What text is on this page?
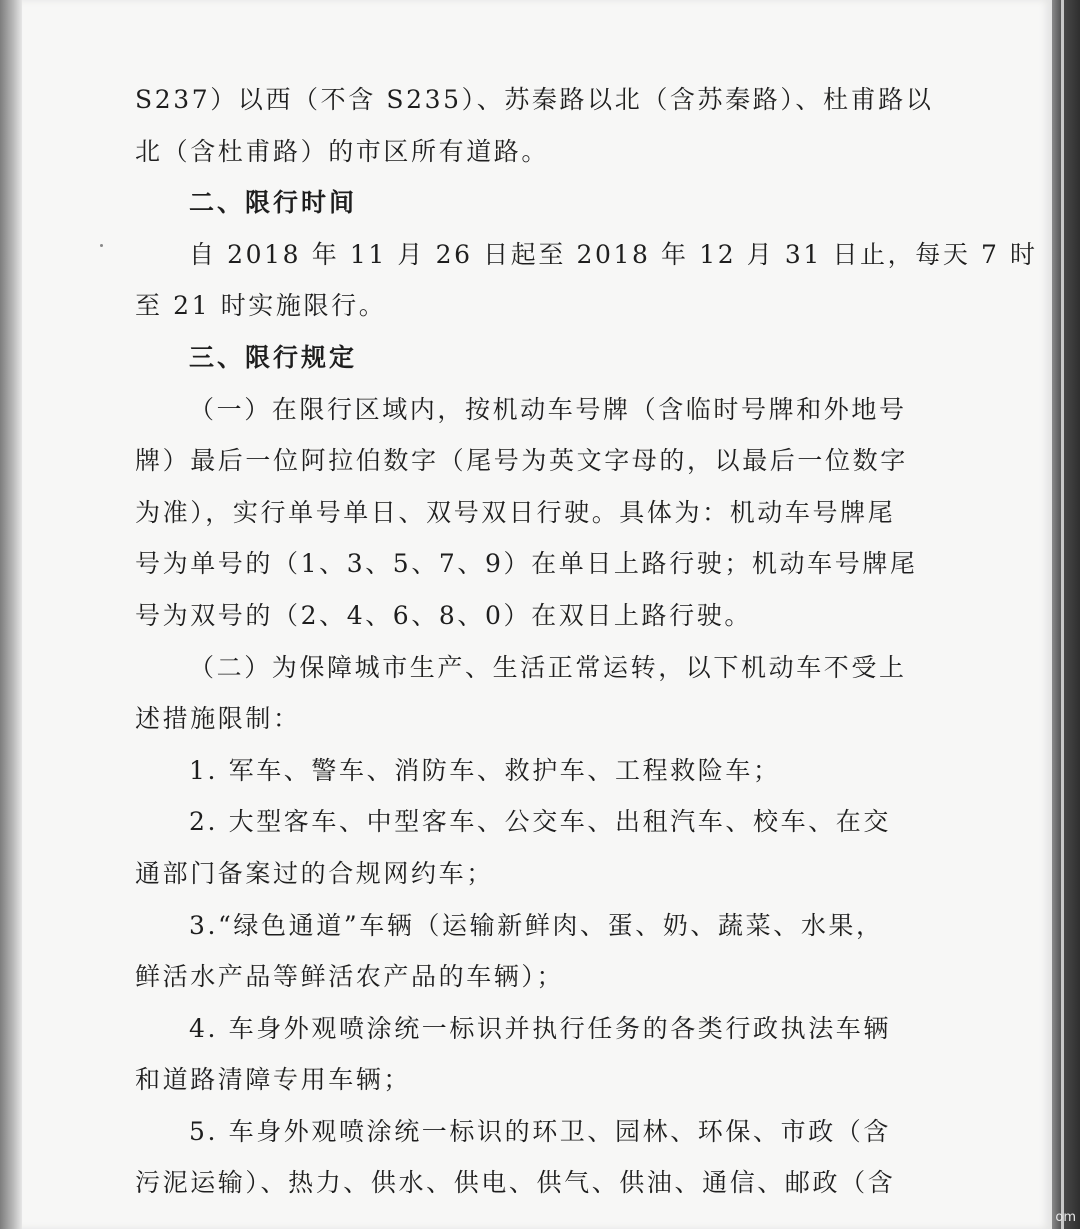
S237）以西（不含 S235）、苏秦路以北（含苏秦路）、杜甫路以
北（含杜甫路）的市区所有道路。
二、限行时间
自 2018 年 11 月 26 日起至 2018 年 12 月 31 日止，每天 7 时
至 21 时实施限行。
三、限行规定
（一）在限行区域内，按机动车号牌（含临时号牌和外地号
牌）最后一位阿拉伯数字（尾号为英文字母的，以最后一位数字
为准），实行单号单日、双号双日行驶。具体为：机动车号牌尾
号为单号的（1、3、5、7、9）在单日上路行驶；机动车号牌尾
号为双号的（2、4、6、8、0）在双日上路行驶。
（二）为保障城市生产、生活正常运转，以下机动车不受上
述措施限制：
1. 军车、警车、消防车、救护车、工程救险车；
2. 大型客车、中型客车、公交车、出租汽车、校车、在交
通部门备案过的合规网约车；
3.“绿色通道”车辆（运输新鲜肉、蛋、奶、蔬菜、水果，
鲜活水产品等鲜活农产品的车辆）；
4. 车身外观喷涂统一标识并执行任务的各类行政执法车辆
和道路清障专用车辆；
5. 车身外观喷涂统一标识的环卫、园林、环保、市政（含
污泥运输）、热力、供水、供电、供气、供油、通信、邮政（含
om
